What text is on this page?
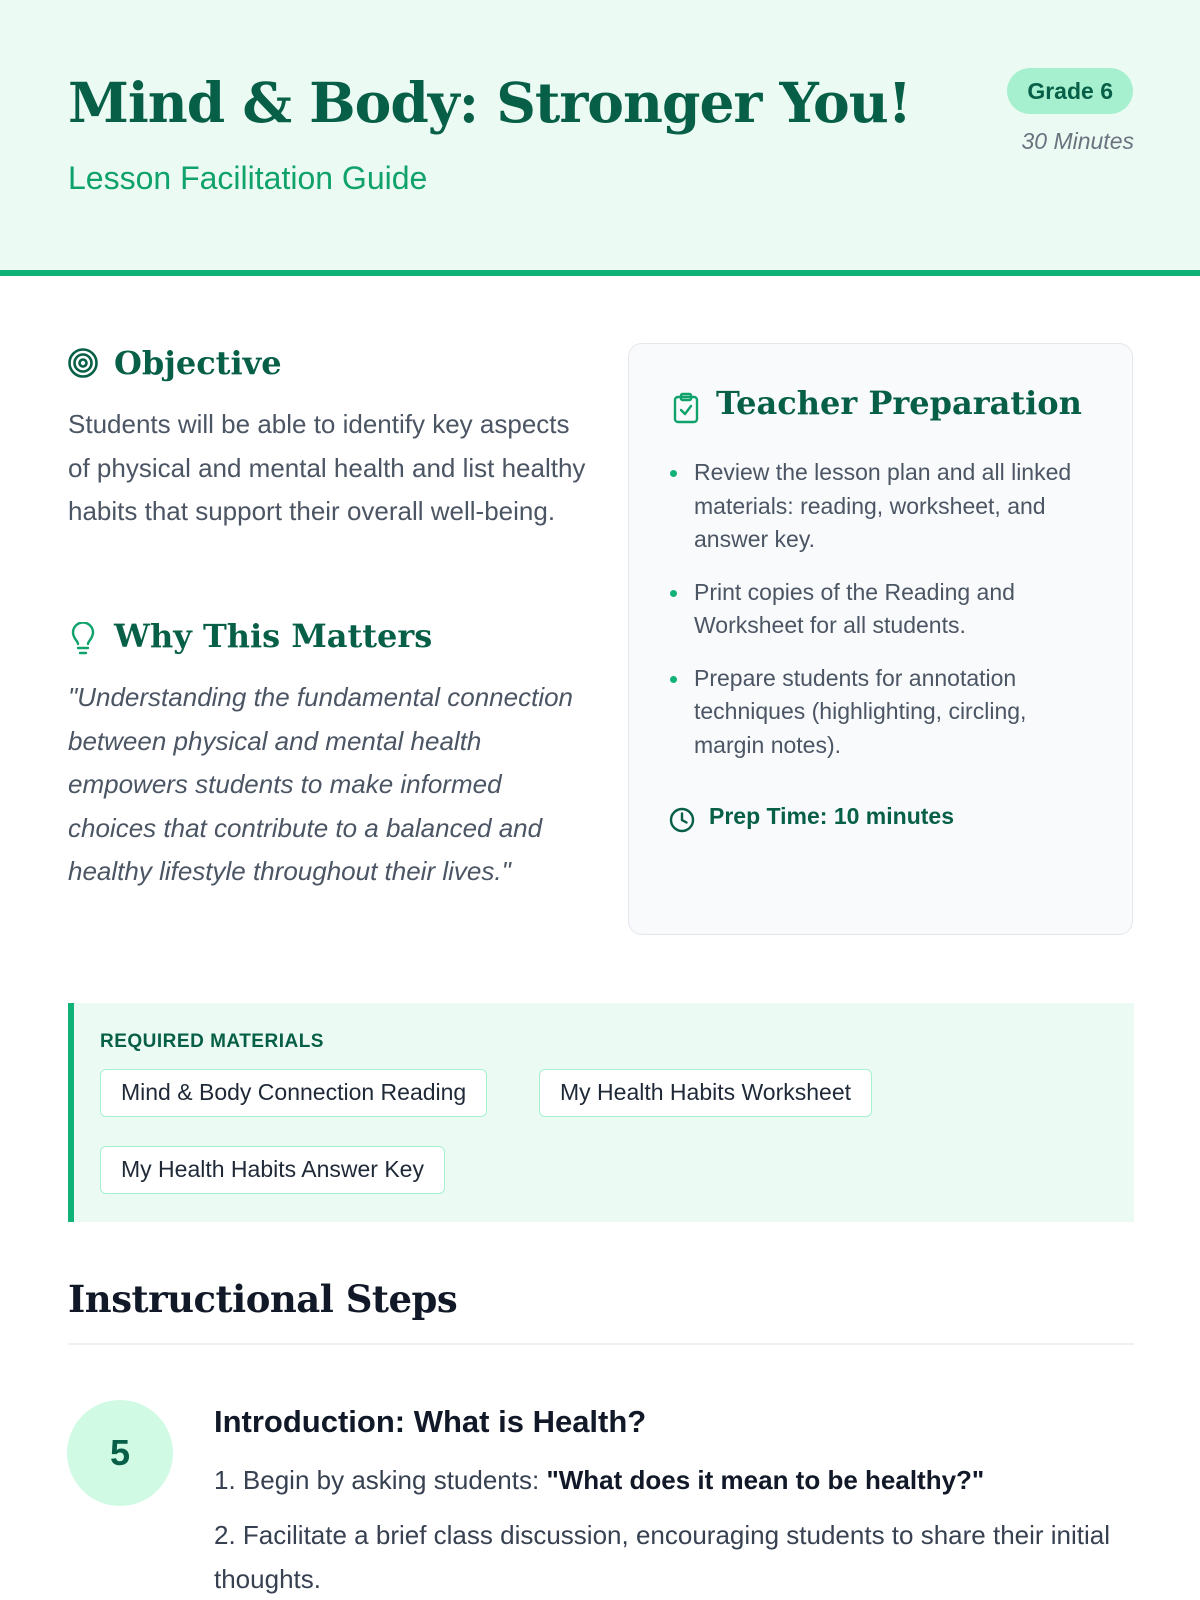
Mind & Body: Stronger You!
Lesson Facilitation Guide
Grade 6
30 Minutes
Objective

Students will be able to identify key aspects of physical and mental health and list healthy habits that support their overall well-being.

Why This Matters

"Understanding the fundamental connection between physical and mental health empowers students to make informed choices that contribute to a balanced and healthy lifestyle throughout their lives."

Teacher Preparation
Review the lesson plan and all linked materials: reading, worksheet, and answer key.
Print copies of the Reading and Worksheet for all students.
Prepare students for annotation techniques (highlighting, circling, margin notes).
Prep Time: 10 minutes
REQUIRED MATERIALS
Mind & Body Connection Reading	My Health Habits Worksheet
My Health Habits Answer Key
Instructional Steps
5
Introduction: What is Health?

1. Begin by asking students: "What does it mean to be healthy?"

2. Facilitate a brief class discussion, encouraging students to share their initial thoughts.
